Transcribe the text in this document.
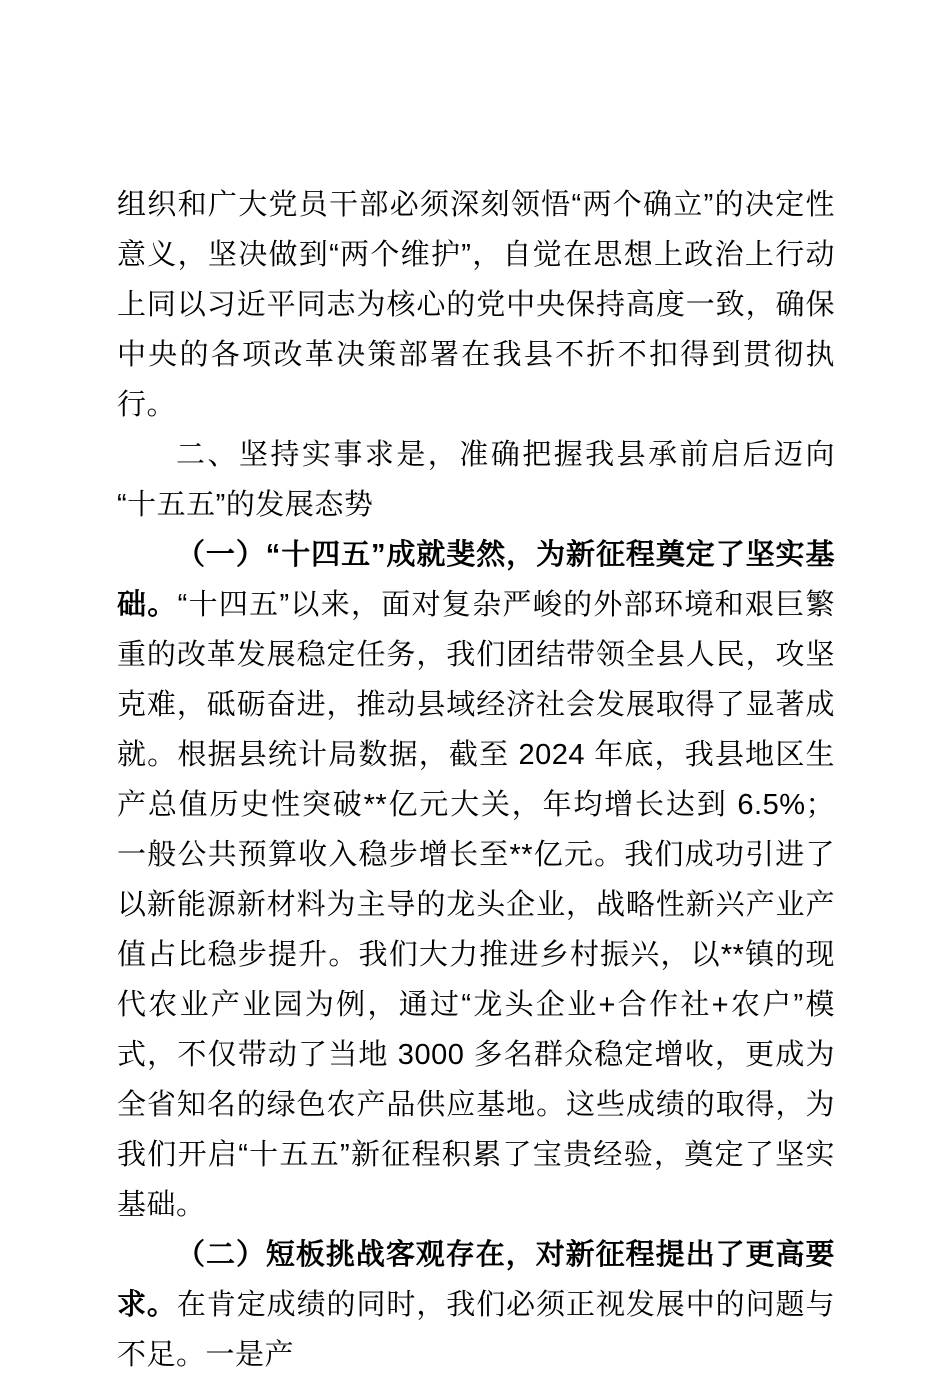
组织和广大党员干部必须深刻领悟“两个确立”的决定性意义，坚决做到“两个维护”，自觉在思想上政治上行动上同以习近平同志为核心的党中央保持高度一致，确保中央的各项改革决策部署在我县不折不扣得到贯彻执行。

二、坚持实事求是，准确把握我县承前启后迈向“十五五”的发展态势

（一）“十四五”成就斐然，为新征程奠定了坚实基础。“十四五”以来，面对复杂严峻的外部环境和艰巨繁重的改革发展稳定任务，我们团结带领全县人民，攻坚克难，砥砺奋进，推动县域经济社会发展取得了显著成就。根据县统计局数据，截至 2024 年底，我县地区生产总值历史性突破**亿元大关，年均增长达到 6.5%；一般公共预算收入稳步增长至**亿元。我们成功引进了以新能源新材料为主导的龙头企业，战略性新兴产业产值占比稳步提升。我们大力推进乡村振兴，以**镇的现代农业产业园为例，通过“龙头企业+合作社+农户”模式，不仅带动了当地 3000 多名群众稳定增收，更成为全省知名的绿色农产品供应基地。这些成绩的取得，为我们开启“十五五”新征程积累了宝贵经验，奠定了坚实基础。

（二）短板挑战客观存在，对新征程提出了更高要求。在肯定成绩的同时，我们必须正视发展中的问题与不足。一是产
